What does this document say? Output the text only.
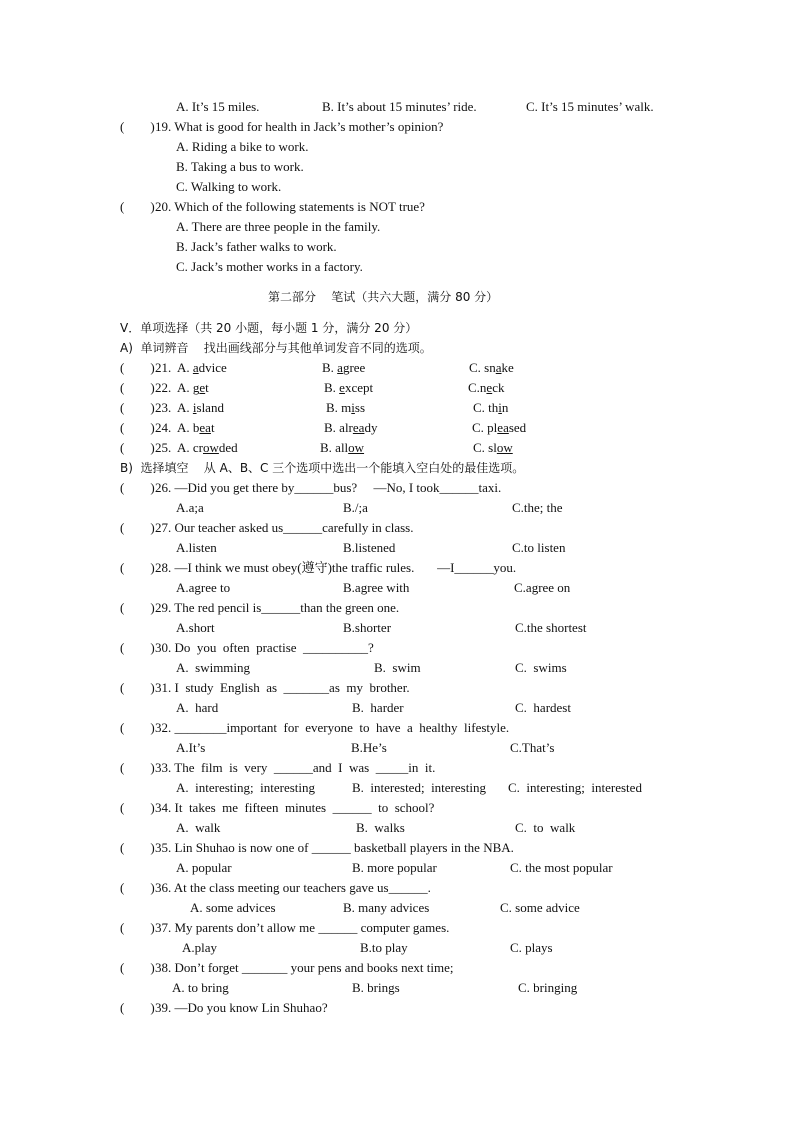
A. It’s 15 miles.	B. It’s about 15 minutes’ ride.	C. It’s 15 minutes’ walk.
(        ) 19. What is good for health in Jack’s mother’s opinion?
A. Riding a bike to work.
B. Taking a bus to work.
C. Walking to work.
(        ) 20. Which of the following statements is NOT true?
A. There are three people in the family.
B. Jack’s father walks to work.
C. Jack’s mother works in a factory.
第二部分    笔试（共六大题，满分 80 分）
V．单项选择（共 20 小题，每小题 1 分，满分 20 分）
A)  单词辨音    找出画线部分与其他单词发音不同的选项。
(        ) 21. A. advice	B. agree	C. snake
(        ) 22. A. get	B. except	C.neck
(        ) 23. A. island	B. miss	C. thin
(        ) 24. A. beat	B. already	C. pleased
(        ) 25. A. crowded	B. allow	C. slow
B)  选择填空    从 A、B、C 三个选项中选出一个能填入空白处的最佳选项。
(        ) 26. —Did you get there by______bus?     —No, I took______taxi.
A.a;a	B./;a	C.the; the
(        ) 27. Our teacher asked us______carefully in class.
A.listen	B.listened	C.to listen
(        ) 28. —I think we must obey(遵守)the traffic rules.       —I______you.
A.agree to	B.agree with	C.agree on
(        ) 29. The red pencil is______than the green one.
A.short	B.shorter	C.the shortest
(        ) 30. Do  you  often  practise  __________?
A.  swimming	B.  swim	C.  swims
(        ) 31. I  study  English  as  _______as  my  brother.
A.  hard	B.  harder	C.  hardest
(        ) 32. ________important  for  everyone  to  have  a  healthy  lifestyle.
A.It’s	B.He’s	C.That’s
(        ) 33. The  film  is  very  ______and  I  was  _____in  it.
A.  interesting;  interesting	B.  interested;  interesting C.  interesting;  interested
(        ) 34. It  takes  me  fifteen  minutes  ______  to  school?
A.  walk	B.  walks	C.  to  walk
(        ) 35. Lin Shuhao is now one of ______ basketball players in the NBA.
A. popular	B. more popular	C. the most popular
(        ) 36. At the class meeting our teachers gave us______.
A. some advices	B. many advices	C. some advice
(        ) 37. My parents don’t allow me ______ computer games.
A.play	B.to play	C. plays
(        ) 38. Don’t forget _______ your pens and books next time;
A. to bring	B. brings	C. bringing
(        ) 39. —Do you know Lin Shuhao?
